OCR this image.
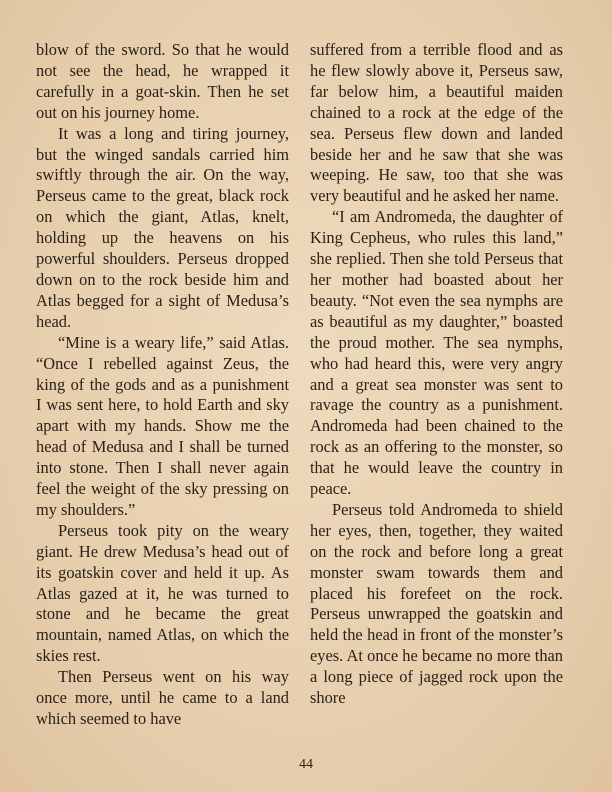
blow of the sword. So that he would not see the head, he wrapped it carefully in a goat-skin. Then he set out on his journey home.

It was a long and tiring journey, but the winged sandals carried him swiftly through the air. On the way, Perseus came to the great, black rock on which the giant, Atlas, knelt, holding up the heavens on his powerful shoulders. Perseus dropped down on to the rock beside him and Atlas begged for a sight of Medusa’s head.

“Mine is a weary life,” said Atlas. “Once I rebelled against Zeus, the king of the gods and as a punishment I was sent here, to hold Earth and sky apart with my hands. Show me the head of Medusa and I shall be turned into stone. Then I shall never again feel the weight of the sky pressing on my shoulders.”

Perseus took pity on the weary giant. He drew Medusa’s head out of its goatskin cover and held it up. As Atlas gazed at it, he was turned to stone and he became the great mountain, named Atlas, on which the skies rest.

Then Perseus went on his way once more, until he came to a land which seemed to have

suffered from a terrible flood and as he flew slowly above it, Perseus saw, far below him, a beautiful maiden chained to a rock at the edge of the sea. Perseus flew down and landed beside her and he saw that she was weeping. He saw, too that she was very beautiful and he asked her name.

“I am Andromeda, the daughter of King Cepheus, who rules this land,” she replied. Then she told Perseus that her mother had boasted about her beauty. “Not even the sea nymphs are as beautiful as my daughter,” boasted the proud mother. The sea nymphs, who had heard this, were very angry and a great sea monster was sent to ravage the country as a punishment. Andromeda had been chained to the rock as an offering to the monster, so that he would leave the country in peace.

Perseus told Andromeda to shield her eyes, then, together, they waited on the rock and before long a great monster swam towards them and placed his forefeet on the rock. Perseus unwrapped the goatskin and held the head in front of the monster’s eyes. At once he became no more than a long piece of jagged rock upon the shore

44
